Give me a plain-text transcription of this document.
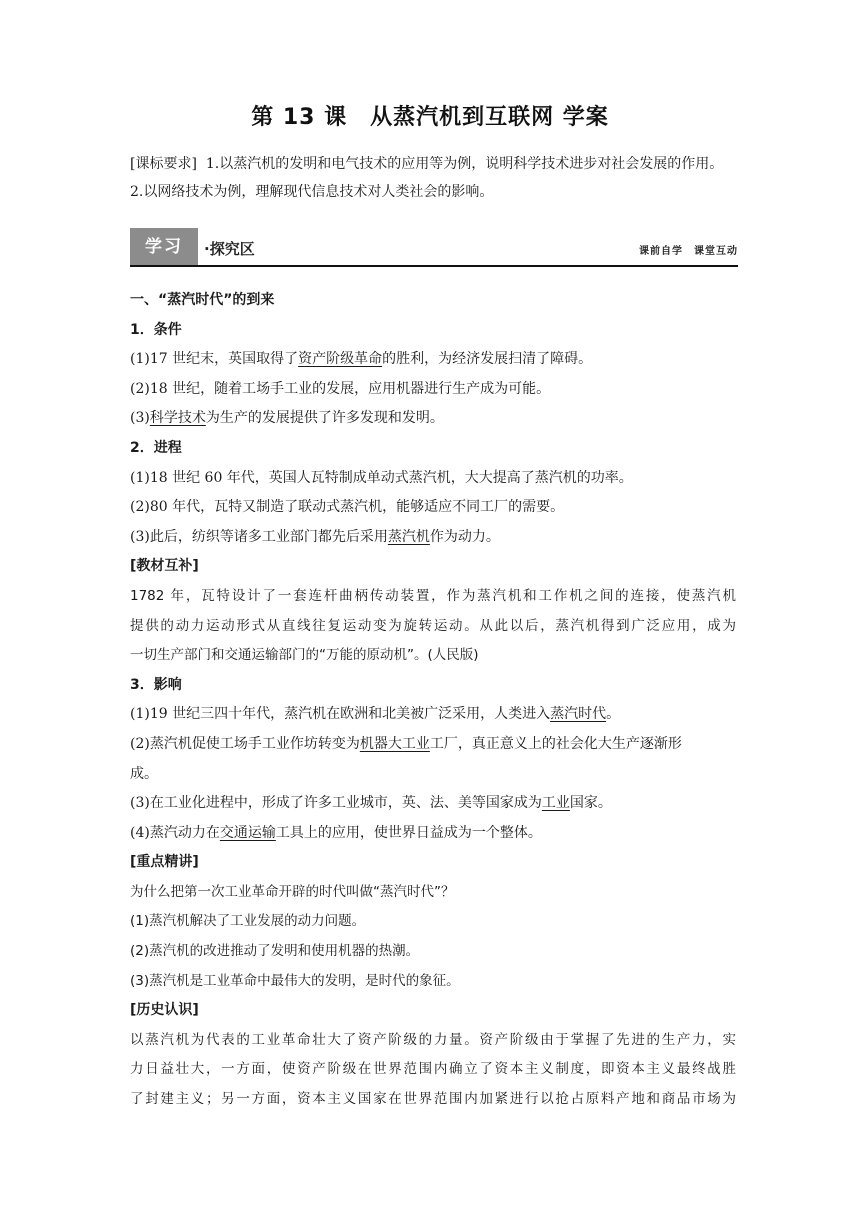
第 13 课　从蒸汽机到互联网 学案
[课标要求]  1.以蒸汽机的发明和电气技术的应用等为例，说明科学技术进步对社会发展的作用。2.以网络技术为例，理解现代信息技术对人类社会的影响。
学习	·探究区	课前自学　课堂互动
一、“蒸汽时代”的到来
1．条件
(1)17 世纪末，英国取得了资产阶级革命的胜利，为经济发展扫清了障碍。
(2)18 世纪，随着工场手工业的发展，应用机器进行生产成为可能。
(3)科学技术为生产的发展提供了许多发现和发明。
2．进程
(1)18 世纪 60 年代，英国人瓦特制成单动式蒸汽机，大大提高了蒸汽机的功率。
(2)80 年代，瓦特又制造了联动式蒸汽机，能够适应不同工厂的需要。
(3)此后，纺织等诸多工业部门都先后采用蒸汽机作为动力。
[教材互补]
1782 年，瓦特设计了一套连杆曲柄传动装置，作为蒸汽机和工作机之间的连接，使蒸汽机
提供的动力运动形式从直线往复运动变为旋转运动。从此以后，蒸汽机得到广泛应用，成为
一切生产部门和交通运输部门的“万能的原动机”。(人民版)
3．影响
(1)19 世纪三四十年代，蒸汽机在欧洲和北美被广泛采用，人类进入蒸汽时代。
(2)蒸汽机促使工场手工业作坊转变为机器大工业工厂，真正意义上的社会化大生产逐渐形
成。
(3)在工业化进程中，形成了许多工业城市，英、法、美等国家成为工业国家。
(4)蒸汽动力在交通运输工具上的应用，使世界日益成为一个整体。
[重点精讲]
为什么把第一次工业革命开辟的时代叫做“蒸汽时代”？
(1)蒸汽机解决了工业发展的动力问题。
(2)蒸汽机的改进推动了发明和使用机器的热潮。
(3)蒸汽机是工业革命中最伟大的发明，是时代的象征。
[历史认识]
以蒸汽机为代表的工业革命壮大了资产阶级的力量。资产阶级由于掌握了先进的生产力，实
力日益壮大，一方面，使资产阶级在世界范围内确立了资本主义制度，即资本主义最终战胜
了封建主义；另一方面，资本主义国家在世界范围内加紧进行以抢占原料产地和商品市场为
